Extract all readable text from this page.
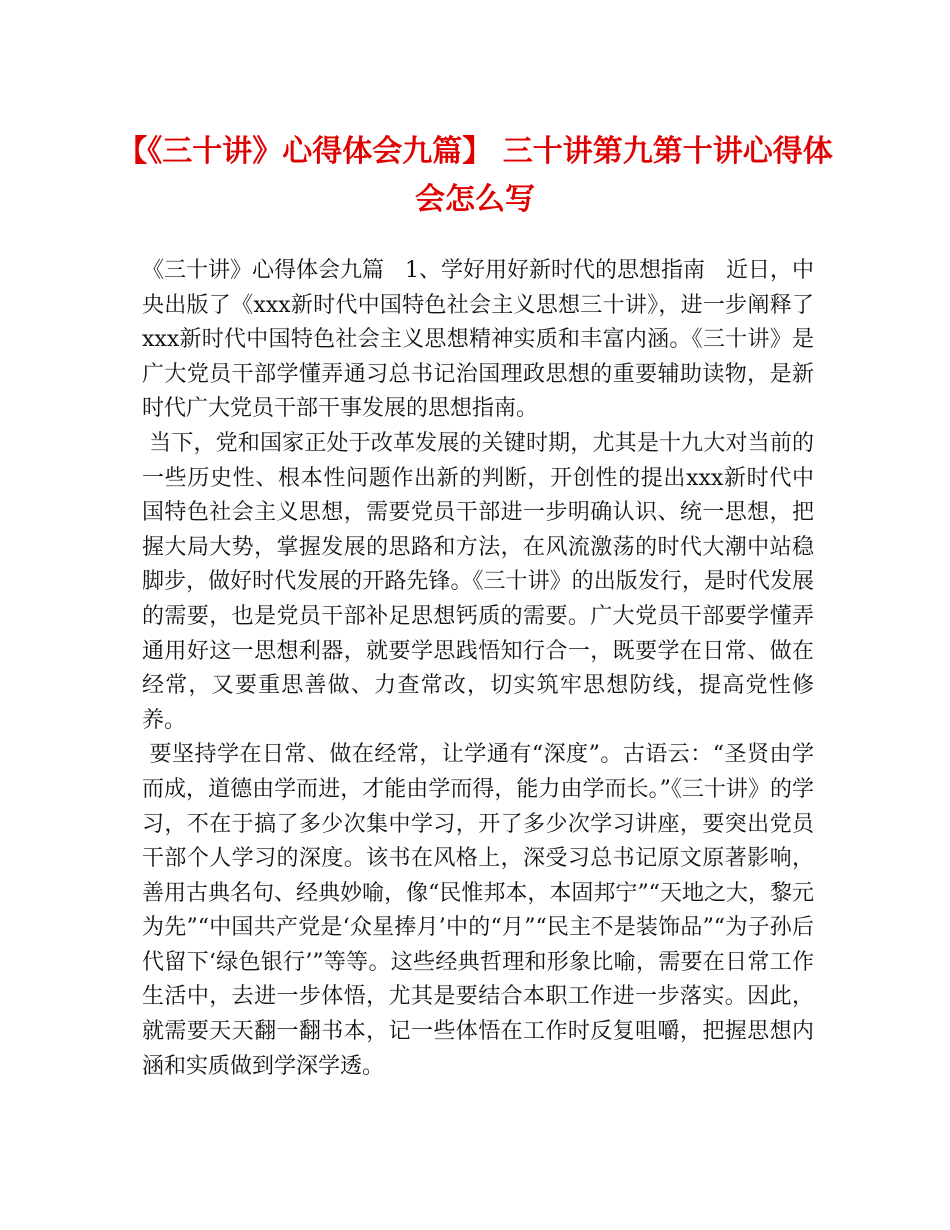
【《三十讲》心得体会九篇】 三十讲第九第十讲心得体会怎么写

《三十讲》心得体会九篇   1、学好用好新时代的思想指南   近日，中央出版了《xxx新时代中国特色社会主义思想三十讲》，进一步阐释了xxx新时代中国特色社会主义思想精神实质和丰富内涵。《三十讲》是广大党员干部学懂弄通习总书记治国理政思想的重要辅助读物，是新时代广大党员干部干事发展的思想指南。

当下，党和国家正处于改革发展的关键时期，尤其是十九大对当前的一些历史性、根本性问题作出新的判断，开创性的提出xxx新时代中国特色社会主义思想，需要党员干部进一步明确认识、统一思想，把握大局大势，掌握发展的思路和方法，在风流激荡的时代大潮中站稳脚步，做好时代发展的开路先锋。《三十讲》的出版发行，是时代发展的需要，也是党员干部补足思想钙质的需要。广大党员干部要学懂弄通用好这一思想利器，就要学思践悟知行合一，既要学在日常、做在经常，又要重思善做、力查常改，切实筑牢思想防线，提高党性修养。

要坚持学在日常、做在经常，让学通有“深度”。古语云：“圣贤由学而成，道德由学而进，才能由学而得，能力由学而长。”《三十讲》的学习，不在于搞了多少次集中学习，开了多少次学习讲座，要突出党员干部个人学习的深度。该书在风格上，深受习总书记原文原著影响，善用古典名句、经典妙喻，像“民惟邦本，本固邦宁”“天地之大，黎元为先”“中国共产党是‘众星捧月’中的“月”“民主不是装饰品”“为子孙后代留下‘绿色银行’”等等。这些经典哲理和形象比喻，需要在日常工作生活中，去进一步体悟，尤其是要结合本职工作进一步落实。因此，就需要天天翻一翻书本，记一些体悟在工作时反复咀嚼，把握思想内涵和实质做到学深学透。
